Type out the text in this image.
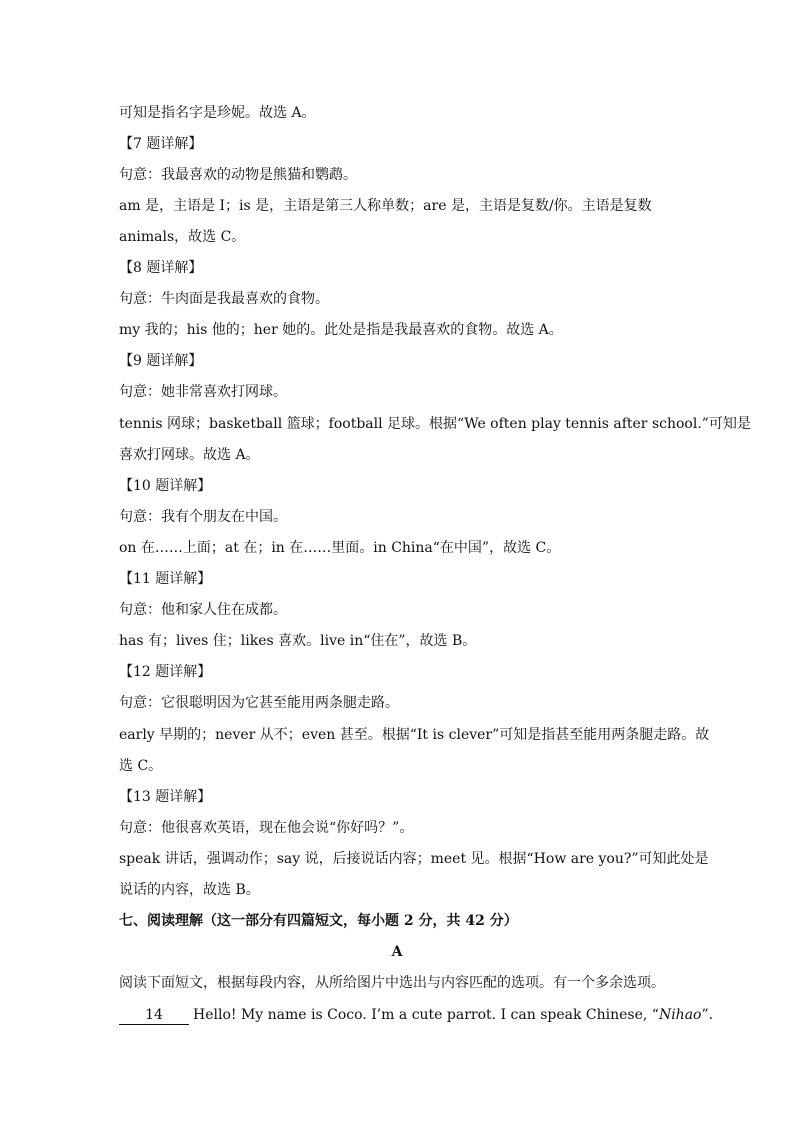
可知是指名字是珍妮。故选 A。
【7 题详解】
句意：我最喜欢的动物是熊猫和鹦鹉。
am 是，主语是 I；is 是，主语是第三人称单数；are 是，主语是复数/你。主语是复数
animals，故选 C。
【8 题详解】
句意：牛肉面是我最喜欢的食物。
my 我的；his 他的；her 她的。此处是指是我最喜欢的食物。故选 A。
【9 题详解】
句意：她非常喜欢打网球。
tennis 网球；basketball 篮球；football 足球。根据“We often play tennis after school.”可知是
喜欢打网球。故选 A。
【10 题详解】
句意：我有个朋友在中国。
on 在……上面；at 在；in 在……里面。in China“在中国”，故选 C。
【11 题详解】
句意：他和家人住在成都。
has 有；lives 住；likes 喜欢。live in“住在”，故选 B。
【12 题详解】
句意：它很聪明因为它甚至能用两条腿走路。
early 早期的；never 从不；even 甚至。根据“It is clever”可知是指甚至能用两条腿走路。故
选 C。
【13 题详解】
句意：他很喜欢英语，现在他会说“你好吗？”。
speak 讲话，强调动作；say 说，后接说话内容；meet 见。根据“How are you?”可知此处是
说话的内容，故选 B。
七、阅读理解（这一部分有四篇短文，每小题 2 分，共 42 分）
A
阅读下面短文，根据每段内容，从所给图片中选出与内容匹配的选项。有一个多余选项。
14 Hello! My name is Coco. I’m a cute parrot. I can speak Chinese, “Nihao”.
